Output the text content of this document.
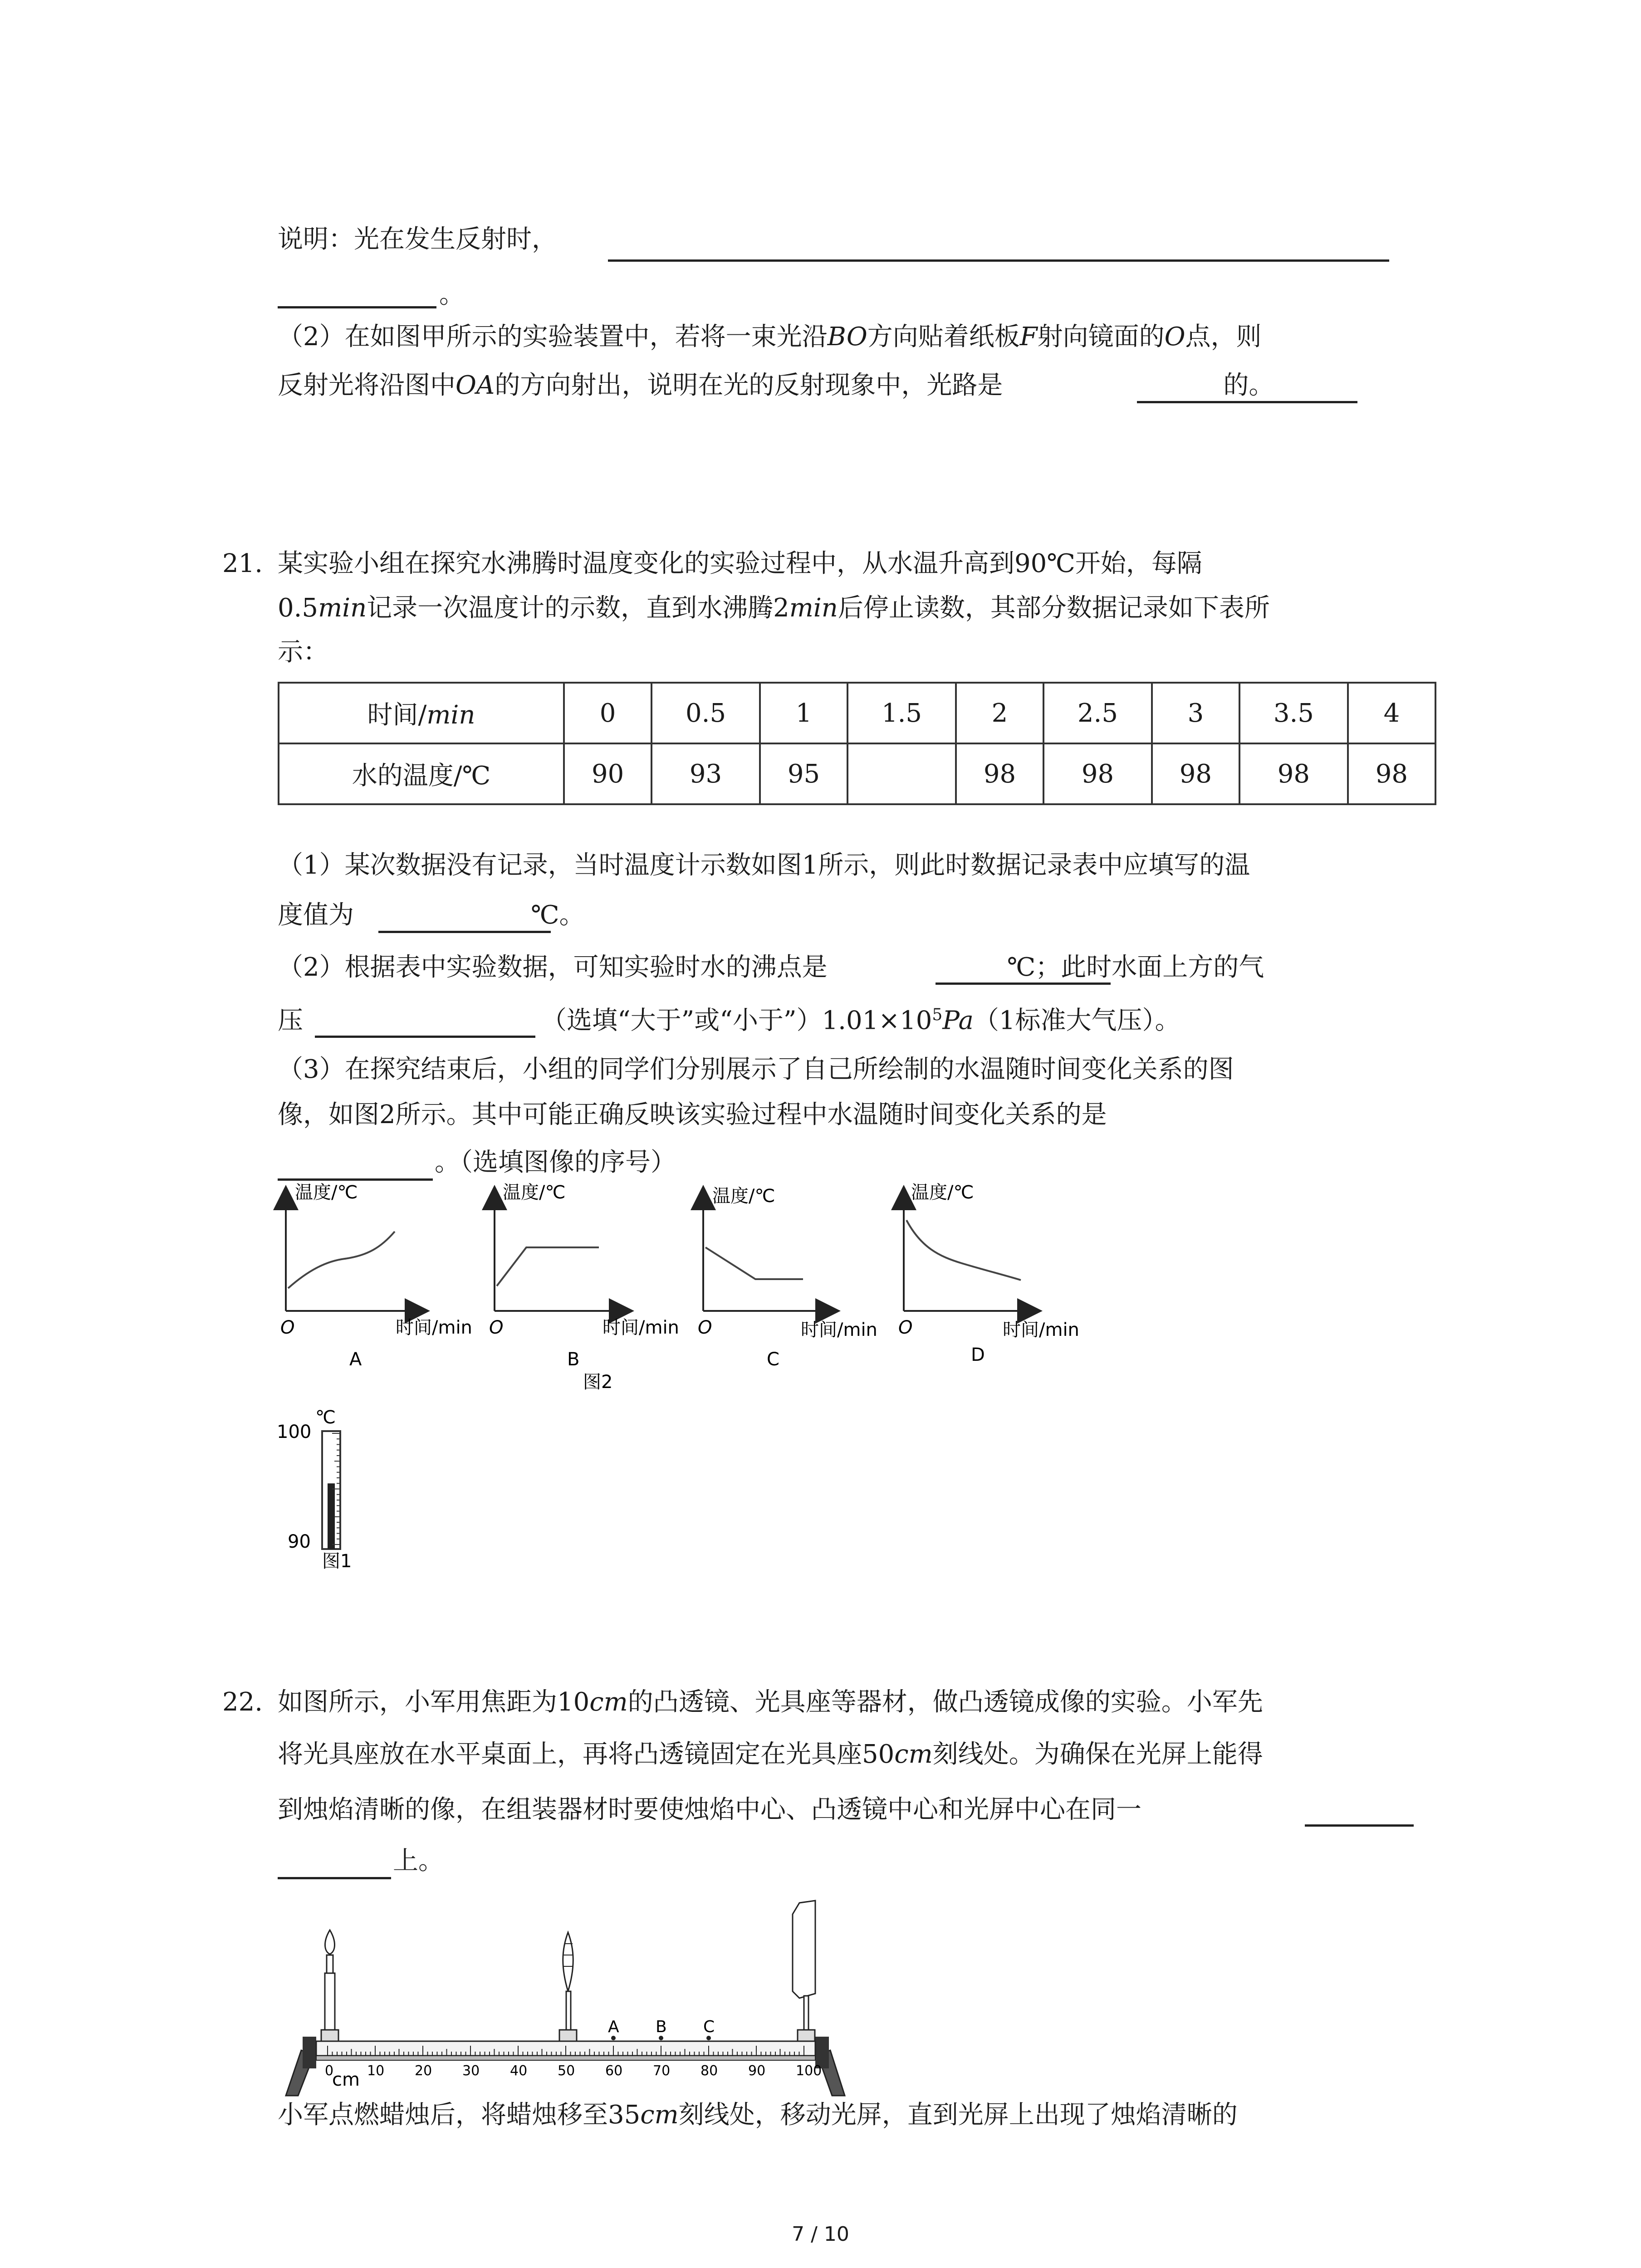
说明：光在发生反射时，
。
（2）在如图甲所示的实验装置中，若将一束光沿BO方向贴着纸板F射向镜面的O点，则
反射光将沿图中OA的方向射出，说明在光的反射现象中，光路是	的。
21. 某实验小组在探究水沸腾时温度变化的实验过程中，从水温升高到90℃开始，每隔
0.5min记录一次温度计的示数，直到水沸腾2min后停止读数，其部分数据记录如下表所
示：
时间/min	0	0.5	1	1.5	2	2.5	3	3.5	4
水的温度/℃	90	93	95		98	98	98	98	98
（1）某次数据没有记录，当时温度计示数如图1所示，则此时数据记录表中应填写的温
度值为	℃。
（2）根据表中实验数据，可知实验时水的沸点是	℃；此时水面上方的气
压	（选填“大于”或“小于$”)1.01\times 10^5Pa(1$标准大气压）。
（3）在探究结束后，小组的同学们分别展示了自己所绘制的水温随时间变化关系的图
像，如图2所示。其中可能正确反映该实验过程中水温随时间变化关系的是
。（选填图像的序号）
温度/℃
时间/min
O
A
温度/℃
时间/min
O
B
温度/℃
时间/min
O
C
温度/℃
时间/min
O
D
图2
℃
100
90
图1
22. 如图所示，小军用焦距为10cm的凸透镜、光具座等器材，做凸透镜成像的实验。小军先
将光具座放在水平桌面上，再将凸透镜固定在光具座50cm刻线处。为确保在光屏上能得
到烛焰清晰的像，在组装器材时要使烛焰中心、凸透镜中心和光屏中心在同一
上。
0 10 20 30 40 50 60 70 80 90 100
cm
A B C
小军点燃蜡烛后，将蜡烛移至35cm刻线处，移动光屏，直到光屏上出现了烛焰清晰的
7 / 10
